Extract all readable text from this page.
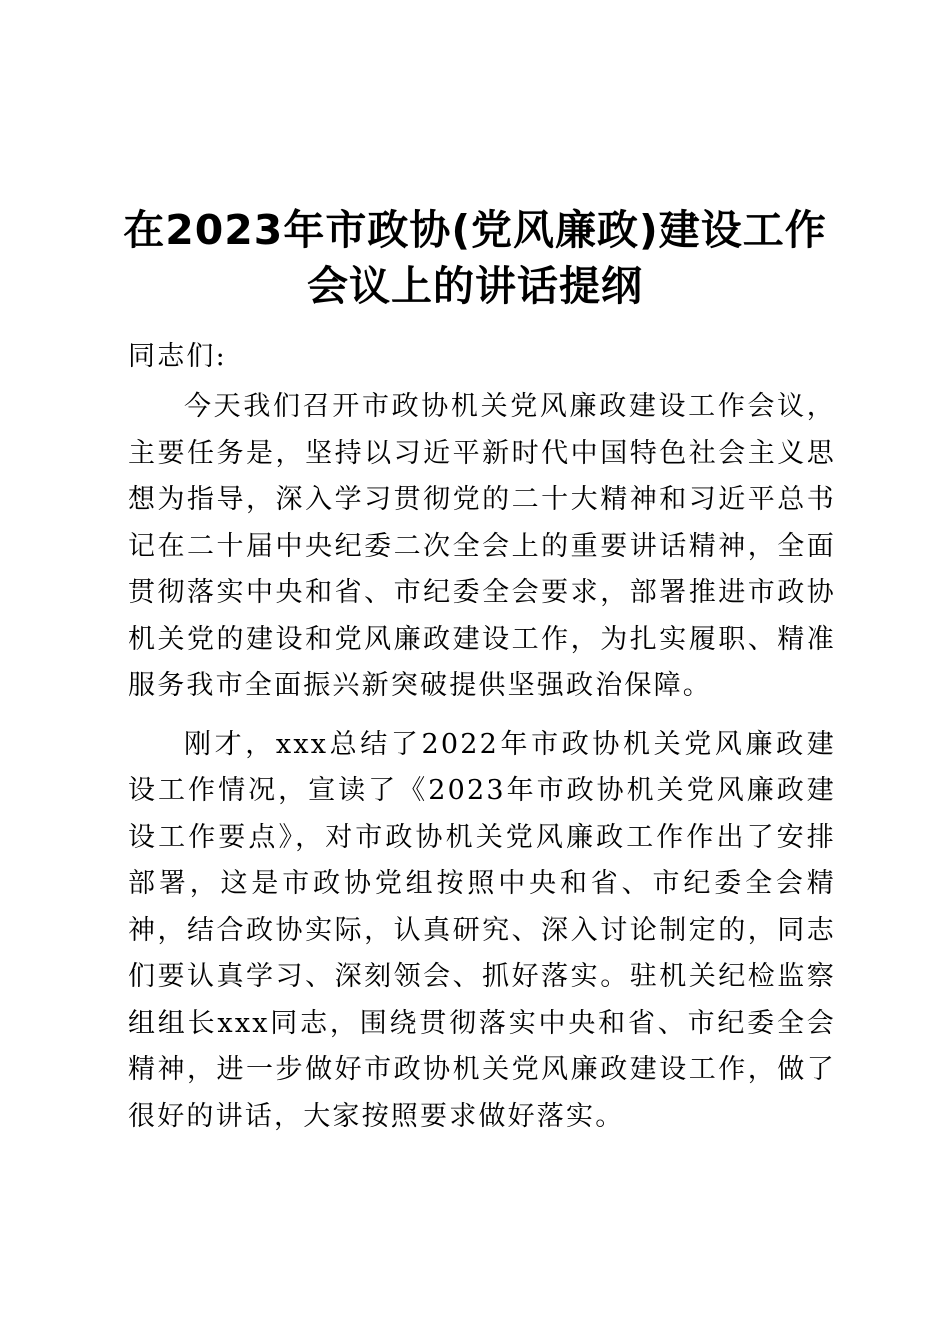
在2023年市政协(党风廉政)建设工作
会议上的讲话提纲
同志们:

今天我们召开市政协机关党风廉政建设工作会议，主要任务是，坚持以习近平新时代中国特色社会主义思想为指导，深入学习贯彻党的二十大精神和习近平总书记在二十届中央纪委二次全会上的重要讲话精神，全面贯彻落实中央和省、市纪委全会要求，部署推进市政协机关党的建设和党风廉政建设工作，为扎实履职、精准服务我市全面振兴新突破提供坚强政治保障。

刚才，xxx总结了2022年市政协机关党风廉政建设工作情况，宣读了《2023年市政协机关党风廉政建设工作要点》，对市政协机关党风廉政工作作出了安排部署，这是市政协党组按照中央和省、市纪委全会精神，结合政协实际，认真研究、深入讨论制定的，同志们要认真学习、深刻领会、抓好落实。驻机关纪检监察组组长xxx同志，围绕贯彻落实中央和省、市纪委全会精神，进一步做好市政协机关党风廉政建设工作，做了很好的讲话，大家按照要求做好落实。
